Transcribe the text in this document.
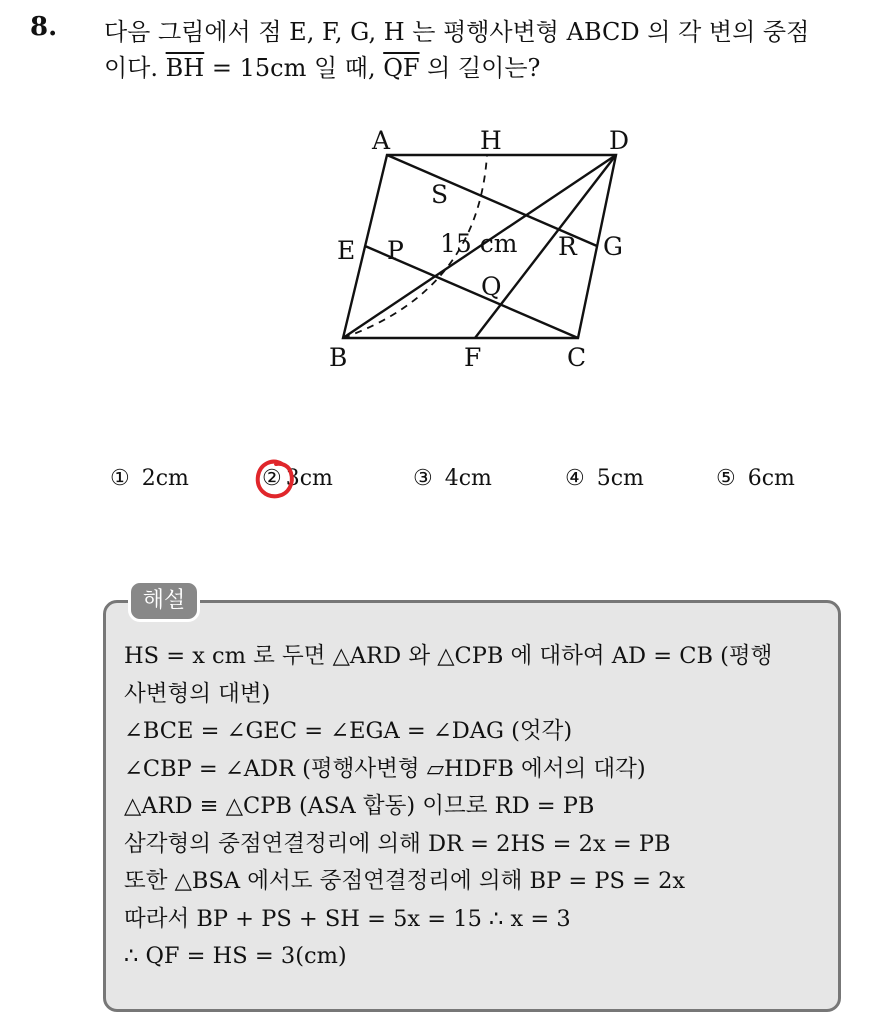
8. 다음 그림에서 점 E, F, G, H 는 평행사변형 ABCD 의 각 변의 중점
이다. $\overline{BH} = 15cm$ 일 때, $\overline{QF}$ 의 길이는?
A	H	D
S
E P 15 cm R G
Q
B	F	C
① 2cm	② 3cm	③ 4cm	④ 5cm	⑤ 6cm
해설
HS = x cm 로 두면 △ARD 와 △CPB 에 대하여 AD = CB (평행
사변형의 대변)
∠BCE = ∠GEC = ∠EGA = ∠DAG (엇각)
∠CBP = ∠ADR (평행사변형 ▱HDFB 에서의 대각)
△ARD ≡ △CPB (ASA 합동) 이므로 RD = PB
삼각형의 중점연결정리에 의해 DR = 2HS = 2x = PB
또한 △BSA 에서도 중점연결정리에 의해 BP = PS = 2x
따라서 BP + PS + SH = 5x = 15 ∴ x = 3
∴ QF = HS = 3(cm)
